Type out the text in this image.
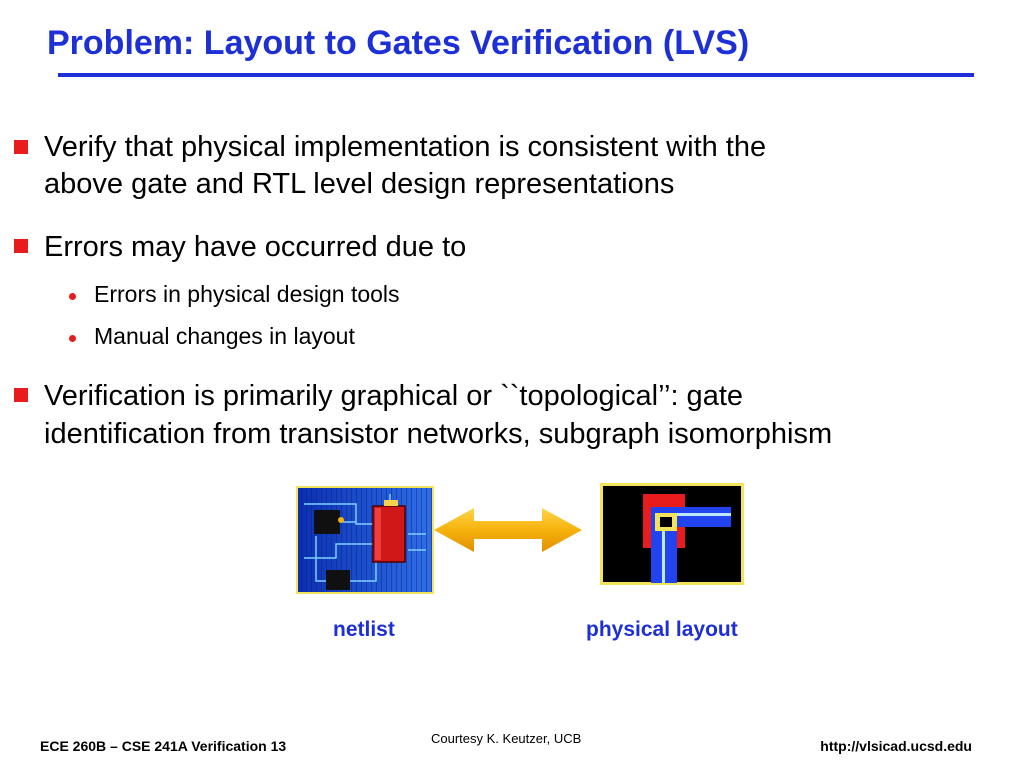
Problem: Layout to Gates Verification (LVS)

Verify that physical implementation is consistent with the

above gate and RTL level design representations

Errors may have occurred due to

Errors in physical design tools

Manual changes in layout

Verification is primarily graphical or ``topological’’: gate

identification from transistor networks, subgraph isomorphism

netlist	physical layout

ECE 260B – CSE 241A Verification 13	Courtesy K. Keutzer, UCB	http://vlsicad.ucsd.edu
